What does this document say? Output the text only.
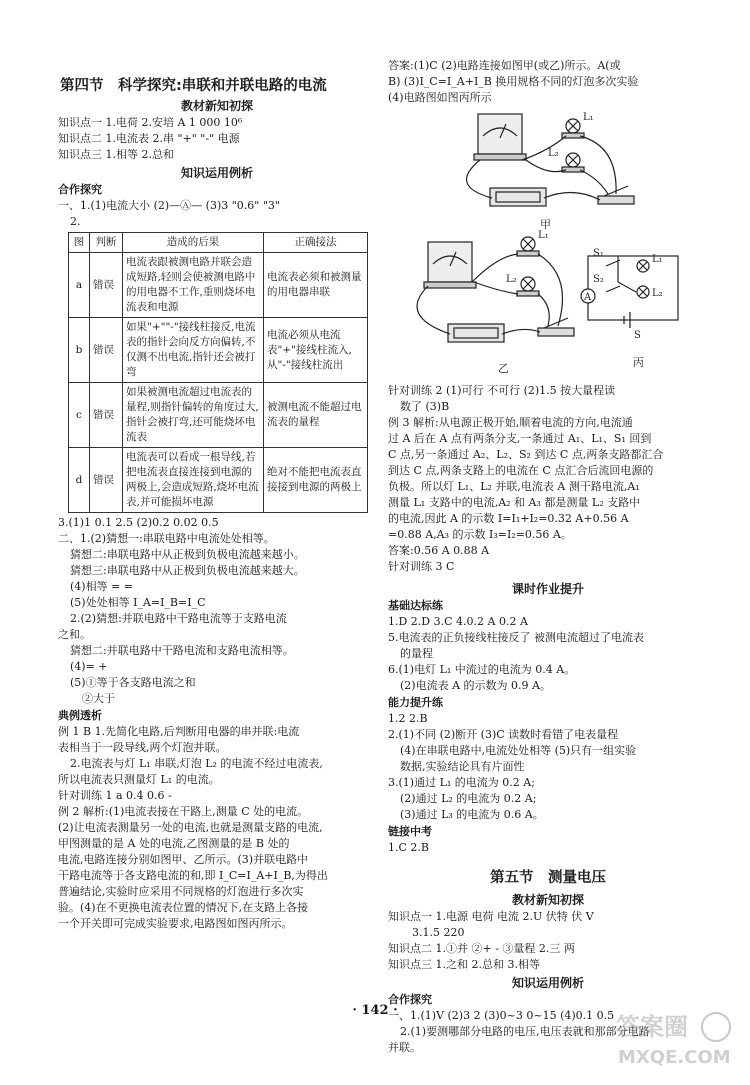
第四节　科学探究:串联和并联电路的电流
教材新知初探
知识点一 1.电荷 2.安培 A 1 000 10⁶
知识点二 1.电流表 2.串 "+" "-" 电源
知识点三 1.相等 2.总和
知识运用例析
合作探究
一、1.(1)电流大小 (2)—Ⓐ— (3)3 "0.6" "3"
2.
图	判断	造成的后果	正确接法
a	错误	电流表跟被测电路并联会造成短路,轻则会使被测电路中的用电器不工作,重则烧坏电流表和电源	电流表必须和被测量的用电器串联
b	错误	如果"+""-"接线柱接反,电流表的指针会向反方向偏转,不仅测不出电流,指针还会被打弯	电流必须从电流表"+"接线柱流入,从"-"接线柱流出
c	错误	如果被测电流超过电流表的量程,则指针偏转的角度过大,指针会被打弯,还可能烧坏电流表	被测电流不能超过电流表的量程
d	错误	电流表可以看成一根导线,若把电流表直接连接到电源的两极上,会造成短路,烧坏电流表,并可能损坏电源	绝对不能把电流表直接接到电源的两极上
3.(1)1 0.1 2.5 (2)0.2 0.02 0.5
二、1.(2)猜想一:串联电路中电流处处相等。
猜想二:串联电路中从正极到负极电流越来越小。
猜想三:串联电路中从正极到负极电流越来越大。
(4)相等 = =
(5)处处相等 I_A=I_B=I_C
2.(2)猜想:并联电路中干路电流等于支路电流
之和。
猜想二:并联电路中干路电流和支路电流相等。
(4)= +
(5)①等于各支路电流之和
②大于
典例透析
例 1 B 1.先简化电路,后判断用电器的串并联:电流
表相当于一段导线,两个灯泡并联。
2.电流表与灯 L₁ 串联,灯泡 L₂ 的电流不经过电流表,
所以电流表只测量灯 L₁ 的电流。
针对训练 1 a 0.4 0.6 -
例 2 解析:(1)电流表接在干路上,测量 C 处的电流。
(2)让电流表测量另一处的电流,也就是测量支路的电流,
甲图测量的是 A 处的电流,乙图测量的是 B 处的
电流,电路连接分别如图甲、乙所示。(3)并联电路中
干路电流等于各支路电流的和,即 I_C=I_A+I_B,为得出
普遍结论,实验时应采用不同规格的灯泡进行多次实
验。(4)在不更换电流表位置的情况下,在支路上各接
一个开关即可完成实验要求,电路图如图丙所示。
答案:(1)C (2)电路连接如图甲(或乙)所示。A(或
B) (3)I_C=I_A+I_B 换用规格不同的灯泡多次实验
(4)电路图如图丙所示
L₁
L₂
甲
L₁
L₂
乙
S₁
L₁
S₂
L₂
A
S
丙
针对训练 2 (1)可行 不可行 (2)1.5 按大量程读
数了 (3)B
例 3 解析:从电源正极开始,顺着电流的方向,电流通
过 A 后在 A 点有两条分支,一条通过 A₁、L₁、S₁ 回到
C 点,另一条通过 A₂、L₂、S₂ 到达 C 点,两条支路都汇合
到达 C 点,两条支路上的电流在 C 点汇合后流回电源的
负极。所以灯 L₁、L₂ 并联,电流表 A 测干路电流,A₁
测量 L₁ 支路中的电流,A₂ 和 A₃ 都是测量 L₂ 支路中
的电流,因此 A 的示数 I=I₁+I₂=0.32 A+0.56 A
=0.88 A,A₃ 的示数 I₃=I₂=0.56 A。
答案:0.56 A 0.88 A
针对训练 3 C
课时作业提升
基础达标练
1.D 2.D 3.C 4.0.2 A 0.2 A
5.电流表的正负接线柱接反了 被测电流超过了电流表
的量程
6.(1)电灯 L₁ 中流过的电流为 0.4 A。
(2)电流表 A 的示数为 0.9 A。
能力提升练
1.2 2.B
2.(1)不同 (2)断开 (3)C 读数时看错了电表量程
(4)在串联电路中,电流处处相等 (5)只有一组实验
数据,实验结论具有片面性
3.(1)通过 L₁ 的电流为 0.2 A;
(2)通过 L₂ 的电流为 0.2 A;
(3)通过 L₃ 的电流为 0.6 A。
链接中考
1.C 2.B
第五节　测量电压
教材新知初探
知识点一 1.电源 电荷 电流 2.U 伏特 伏 V
3.1.5 220
知识点二 1.①并 ②+ - ③量程 2.三 两
知识点三 1.之和 2.总和 3.相等
知识运用例析
合作探究
一、1.(1)V (2)3 2 (3)0~3 0~15 (4)0.1 0.5
2.(1)要测哪部分电路的电压,电压表就和那部分电路
并联。
· 142 ·
答案圈
MXQE.COM
